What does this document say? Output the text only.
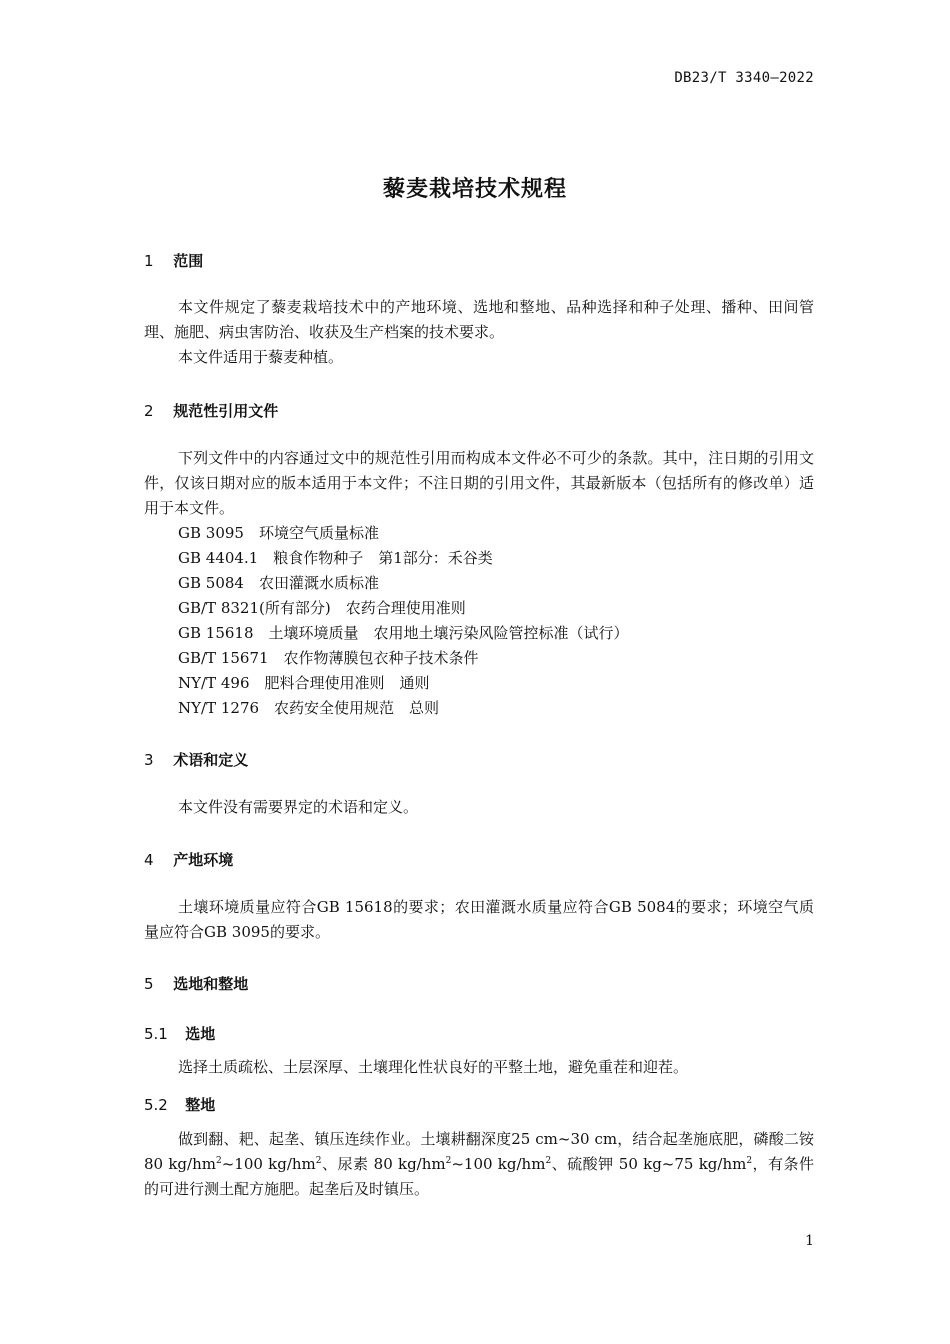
DB23/T 3340—2022
藜麦栽培技术规程
1 范围
本文件规定了藜麦栽培技术中的产地环境、选地和整地、品种选择和种子处理、播种、田间管理、施肥、病虫害防治、收获及生产档案的技术要求。
本文件适用于藜麦种植。
2 规范性引用文件
下列文件中的内容通过文中的规范性引用而构成本文件必不可少的条款。其中，注日期的引用文件，仅该日期对应的版本适用于本文件；不注日期的引用文件，其最新版本（包括所有的修改单）适用于本文件。
GB 3095　环境空气质量标准
GB 4404.1　粮食作物种子　第1部分：禾谷类
GB 5084　农田灌溉水质标准
GB/T 8321(所有部分)　农药合理使用准则
GB 15618　土壤环境质量　农用地土壤污染风险管控标准（试行）
GB/T 15671　农作物薄膜包衣种子技术条件
NY/T 496　肥料合理使用准则　通则
NY/T 1276　农药安全使用规范　总则
3 术语和定义
本文件没有需要界定的术语和定义。
4 产地环境
土壤环境质量应符合GB 15618的要求；农田灌溉水质量应符合GB 5084的要求；环境空气质量应符合GB 3095的要求。
5 选地和整地
5.1 选地
选择土质疏松、土层深厚、土壤理化性状良好的平整土地，避免重茬和迎茬。
5.2 整地
做到翻、耙、起垄、镇压连续作业。土壤耕翻深度25 cm~30 cm，结合起垄施底肥，磷酸二铵 80 $kg/hm^2\sim 100$ $kg/hm^2$、尿素 80 $kg/hm^2\sim 100$ $kg/hm^2$、硫酸钾 50 kg~75 $kg/hm^2$，有条件的可进行测土配方施肥。起垄后及时镇压。
1
